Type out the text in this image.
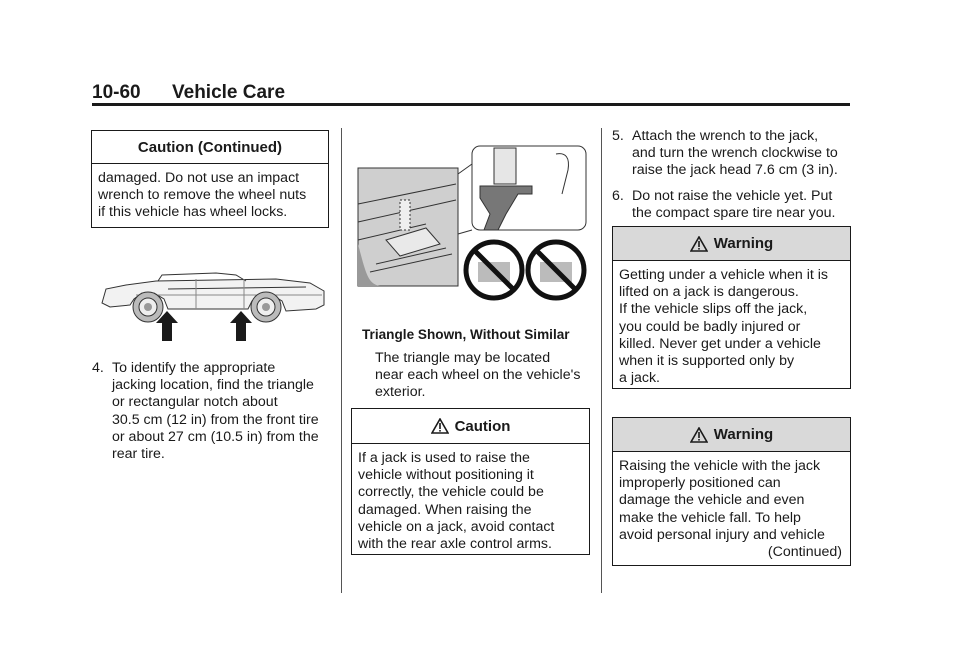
10-60 Vehicle Care
Caution (Continued)
damaged. Do not use an impact
wrench to remove the wheel nuts
if this vehicle has wheel locks.
4. To identify the appropriate
jacking location, find the triangle
or rectangular notch about
30.5 cm (12 in) from the front tire
or about 27 cm (10.5 in) from the
rear tire.
Triangle Shown, Without Similar
The triangle may be located
near each wheel on the vehicle's
exterior.
Caution
If a jack is used to raise the
vehicle without positioning it
correctly, the vehicle could be
damaged. When raising the
vehicle on a jack, avoid contact
with the rear axle control arms.
5. Attach the wrench to the jack,
and turn the wrench clockwise to
raise the jack head 7.6 cm (3 in).
6. Do not raise the vehicle yet. Put
the compact spare tire near you.
Warning
Getting under a vehicle when it is
lifted on a jack is dangerous.
If the vehicle slips off the jack,
you could be badly injured or
killed. Never get under a vehicle
when it is supported only by
a jack.
Warning
Raising the vehicle with the jack
improperly positioned can
damage the vehicle and even
make the vehicle fall. To help
avoid personal injury and vehicle
(Continued)
